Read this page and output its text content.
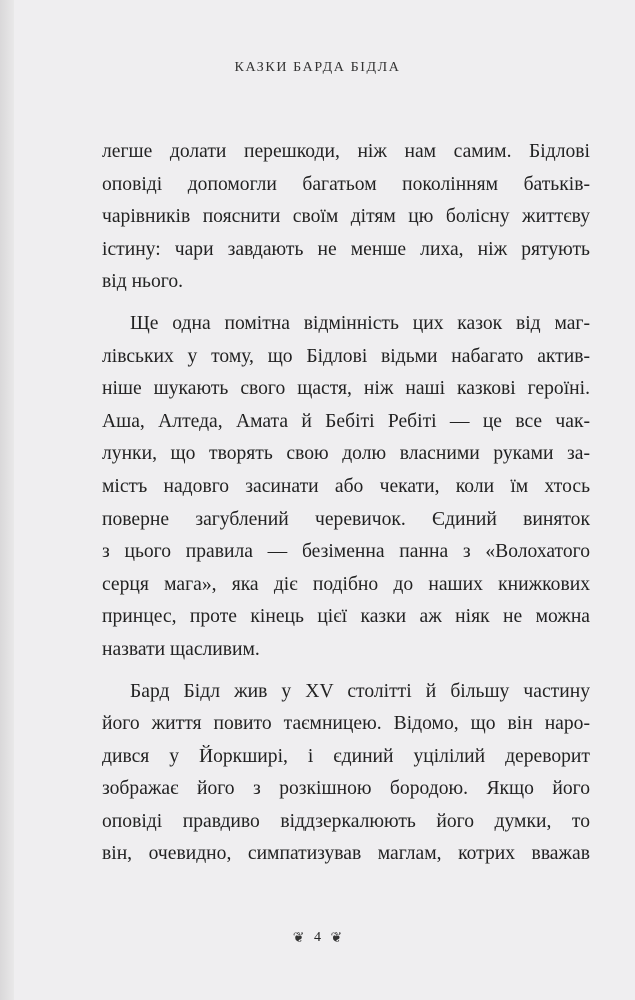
КАЗКИ БАРДА БІДЛА
легше долати перешкоди, ніж нам самим. Бідлові
оповіді допомогли багатьом поколінням батьків-
чарівників пояснити своїм дітям цю болісну життєву
істину: чари завдають не менше лиха, ніж рятують
від нього.
Ще одна помітна відмінність цих казок від маг-
лівських у тому, що Бідлові відьми набагато актив-
ніше шукають свого щастя, ніж наші казкові героїні.
Аша, Алтеда, Амата й Бебіті Ребіті — це все чак-
лунки, що творять свою долю власними руками за-
містъ надовго засинати або чекати, коли їм хтось
поверне загублений черевичок. Єдиний виняток
з цього правила — безіменна панна з «Волохатого
серця мага», яка діє подібно до наших книжкових
принцес, проте кінець цієї казки аж ніяк не можна
назвати щасливим.
Бард Бідл жив у XV столітті й більшу частину
його життя повито таємницею. Відомо, що він наро-
дився у Йоркширі, і єдиний уцілілий дереворит
зображає його з розкішною бородою. Якщо його
оповіді правдиво віддзеркалюють його думки, то
він, очевидно, симпатизував маглам, котрих вважав
❦ 4 ❦
